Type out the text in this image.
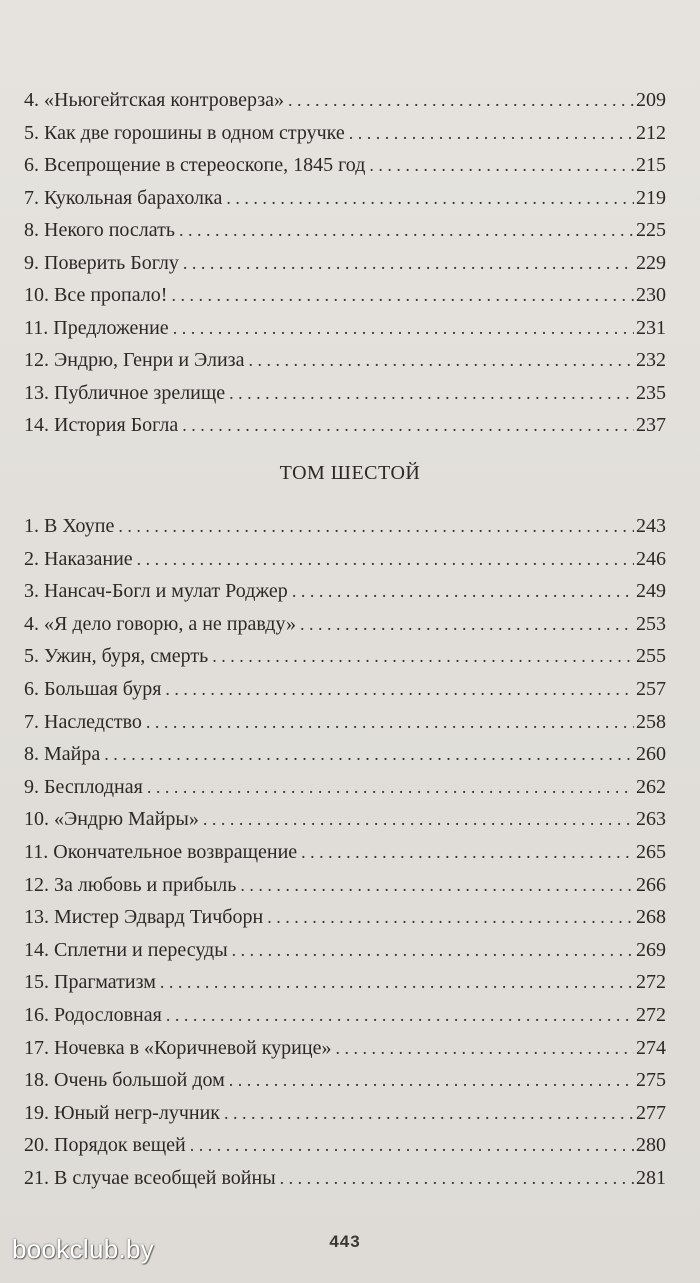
4. «Ньюгейтская контроверза» . . .	209
5. Как две горошины в одном стручке . . .	212
6. Всепрощение в стереоскопе, 1845 год . . .	215
7. Кукольная барахолка . . .	219
8. Некого послать . . .	225
9. Поверить Боглу . . .	229
10. Все пропало! . . .	230
11. Предложение . . .	231
12. Эндрю, Генри и Элиза . . .	232
13. Публичное зрелище . . .	235
14. История Богла . . .	237
ТОМ ШЕСТОЙ
1. В Хоупе . . .	243
2. Наказание . . .	246
3. Нансач-Богл и мулат Роджер . . .	249
4. «Я дело говорю, а не правду» . . .	253
5. Ужин, буря, смерть . . .	255
6. Большая буря . . .	257
7. Наследство . . .	258
8. Майра . . .	260
9. Бесплодная . . .	262
10. «Эндрю Майры» . . .	263
11. Окончательное возвращение . . .	265
12. За любовь и прибыль . . .	266
13. Мистер Эдвард Тичборн . . .	268
14. Сплетни и пересуды . . .	269
15. Прагматизм . . .	272
16. Родословная . . .	272
17. Ночевка в «Коричневой курице» . . .	274
18. Очень большой дом . . .	275
19. Юный негр-лучник . . .	277
20. Порядок вещей . . .	280
21. В случае всеобщей войны . . .	281
443
bookclub.by
